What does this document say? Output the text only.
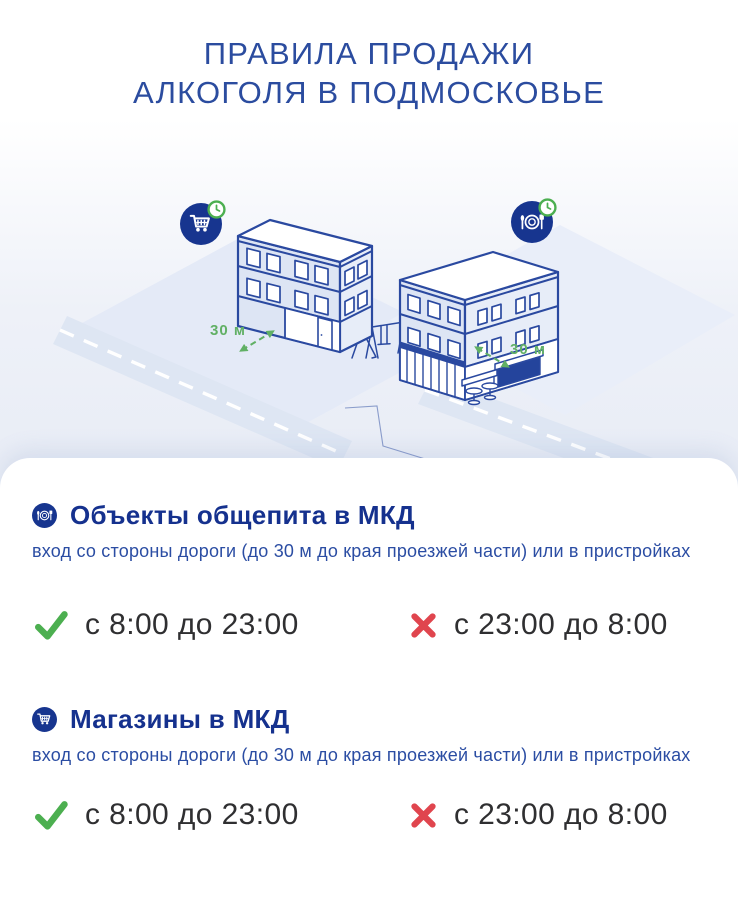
ПРАВИЛА ПРОДАЖИ
АЛКОГОЛЯ В ПОДМОСКОВЬЕ
30 м
30 м
Объекты общепита в МКД
вход со стороны дороги (до 30 м до края проезжей части) или в пристройках
с 8:00 до 23:00	с 23:00 до 8:00
Магазины в МКД
вход со стороны дороги (до 30 м до края проезжей части) или в пристройках
с 8:00 до 23:00	с 23:00 до 8:00
